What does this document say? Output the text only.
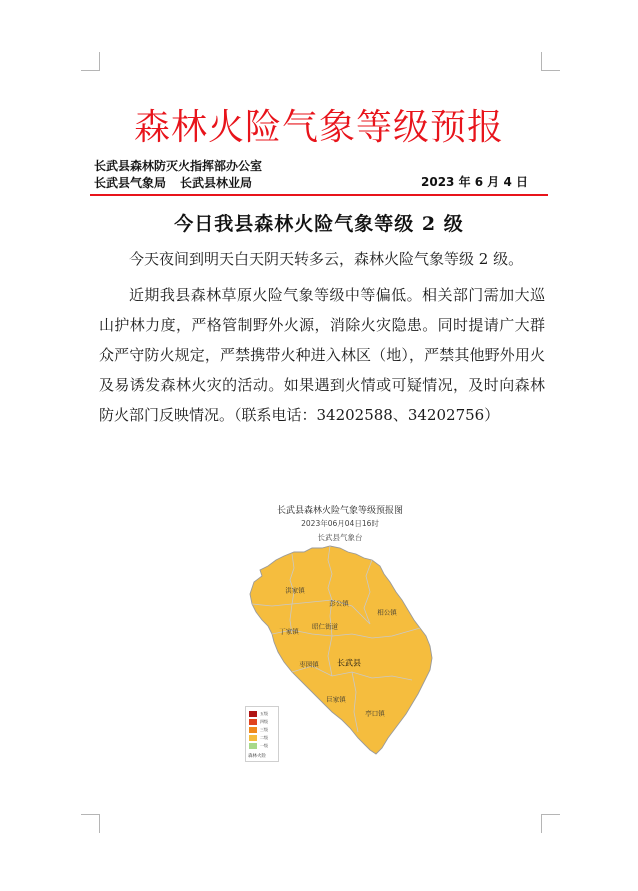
森林火险气象等级预报
长武县森林防灭火指挥部办公室
长武县气象局 长武县林业局	2023 年 6 月 4 日
今日我县森林火险气象等级 2 级

今天夜间到明天白天阴天转多云，森林火险气象等级 2 级。

近期我县森林草原火险气象等级中等偏低。相关部门需加大巡山护林力度，严格管制野外火源，消除火灾隐患。同时提请广大群众严守防火规定，严禁携带火种进入林区（地），严禁其他野外用火及易诱发森林火灾的活动。如果遇到火情或可疑情况，及时向森林防火部门反映情况。（联系电话：34202588、34202756）

长武县森林火险气象等级预报图
2023年06月04日16时
长武县气象台
洪家镇
彭公镇
相公镇
丁家镇
昭仁街道
枣园镇 长武县
巨家镇
亭口镇
五级
四级
三级
二级
一级
森林火险
